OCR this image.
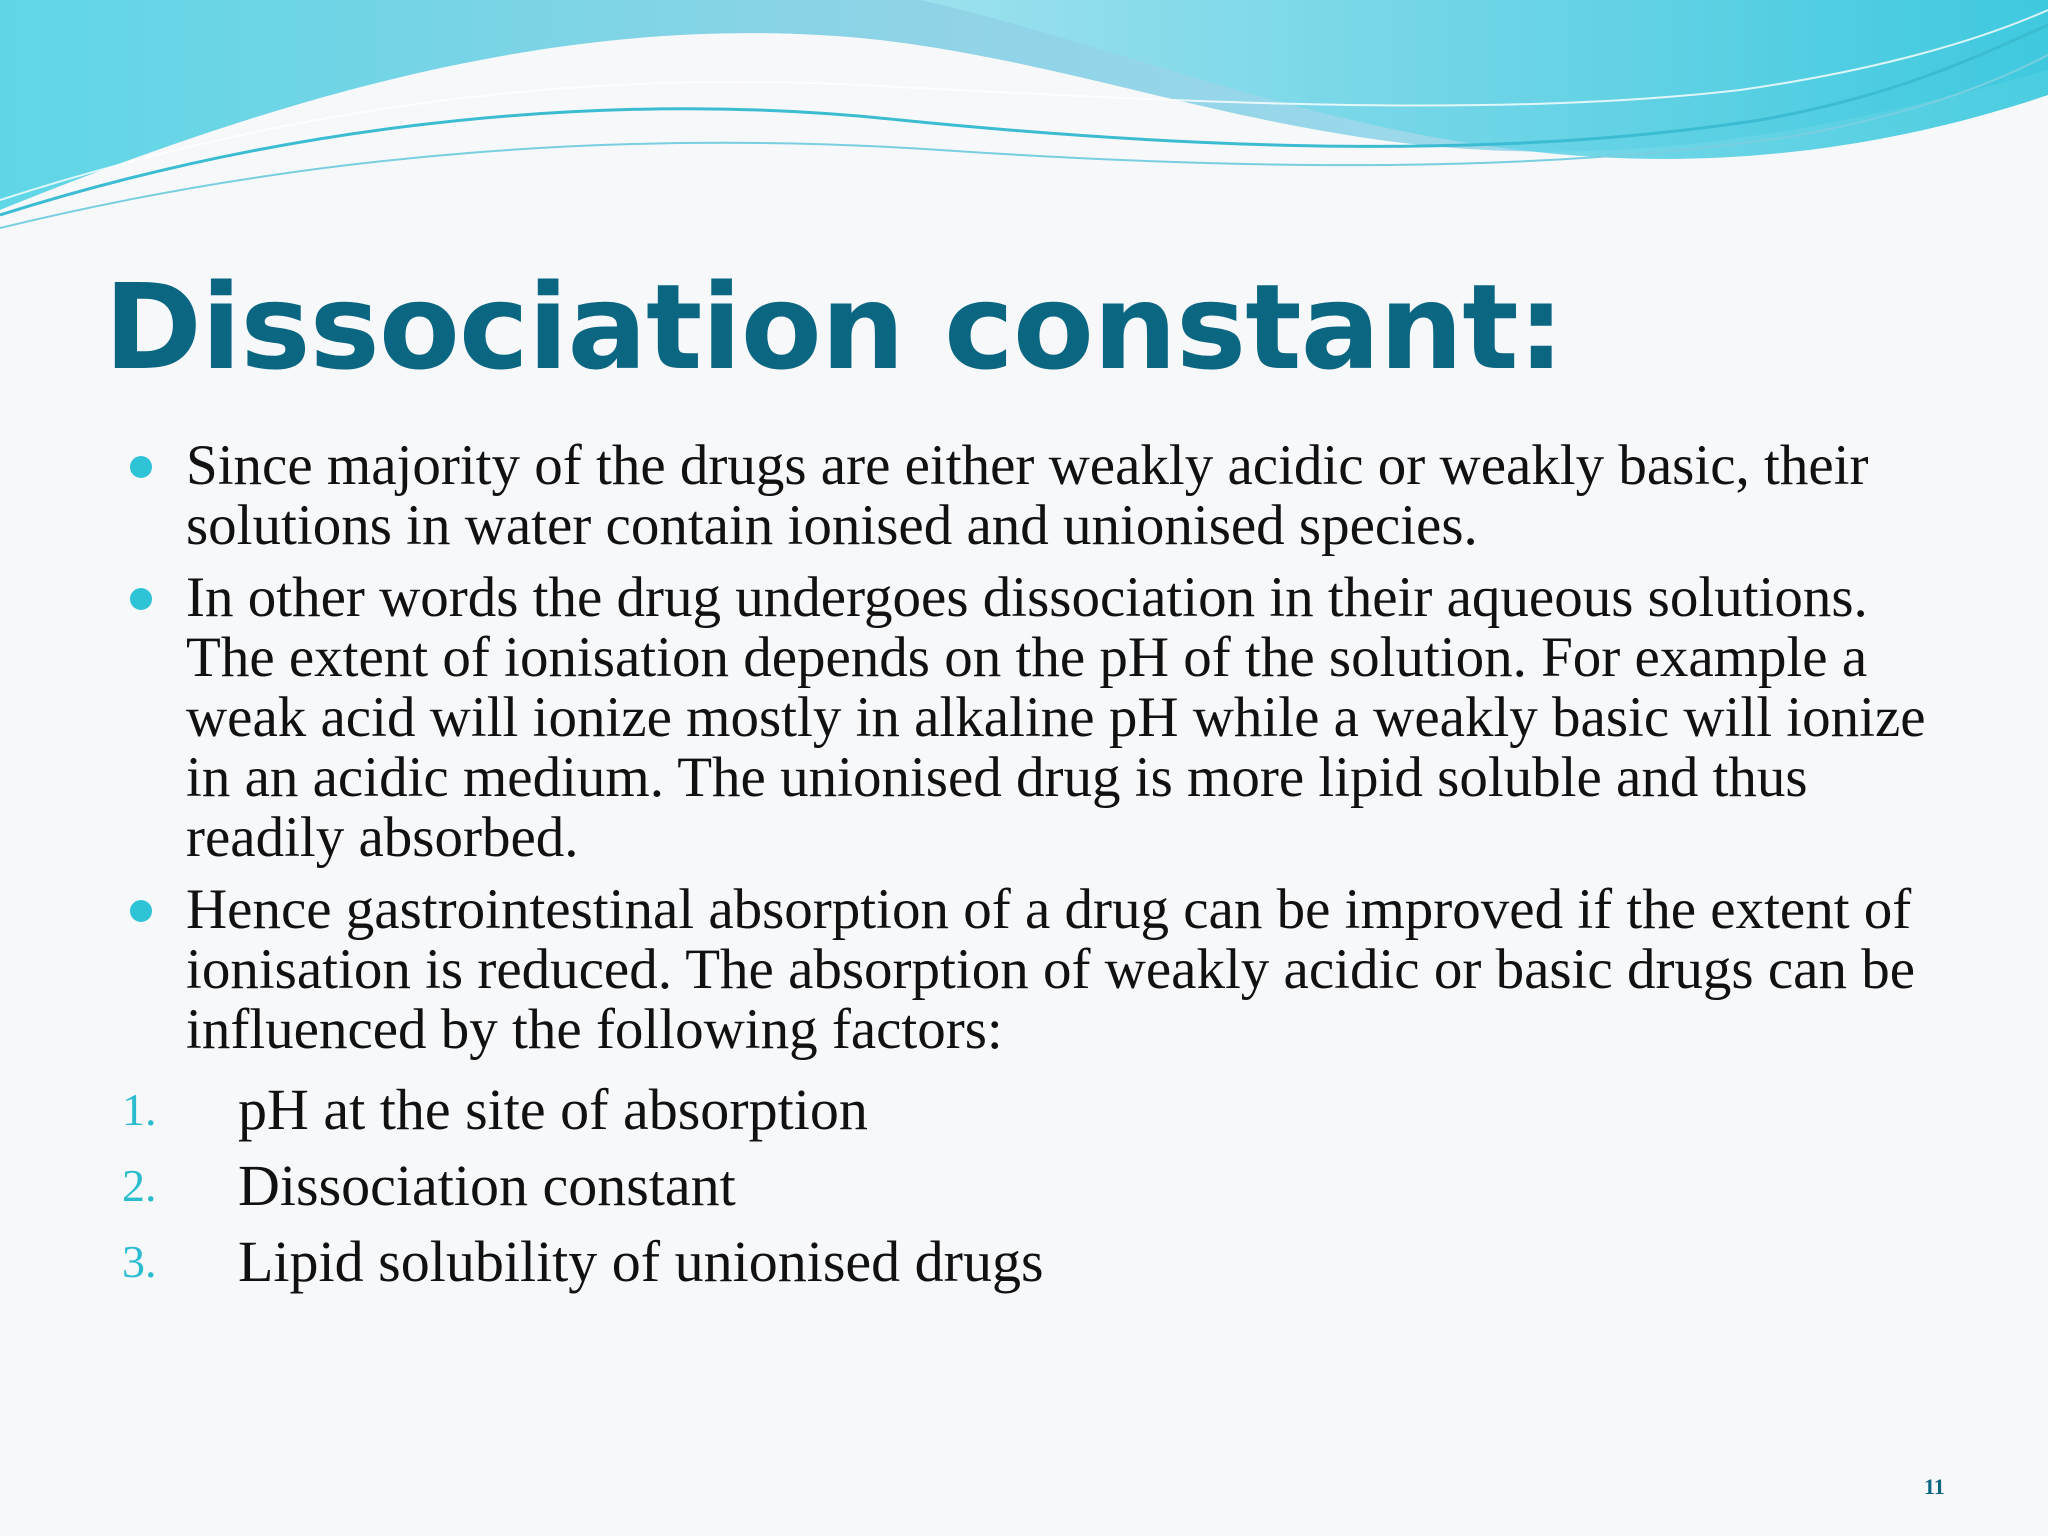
Dissociation constant:
Since majority of the drugs are either weakly acidic or weakly basic, their solutions in water contain ionised and unionised species.
In other words the drug undergoes dissociation in their aqueous solutions. The extent of ionisation depends on the pH of the solution. For example a weak acid will ionize mostly in alkaline pH while a weakly basic will ionize in an acidic medium. The unionised drug is more lipid soluble and thus readily absorbed.
Hence gastrointestinal absorption of a drug can be improved if the extent of ionisation is reduced. The absorption of weakly acidic or basic drugs can be influenced by the following factors:
1. pH at the site of absorption
2. Dissociation constant
3. Lipid solubility of unionised drugs
11
